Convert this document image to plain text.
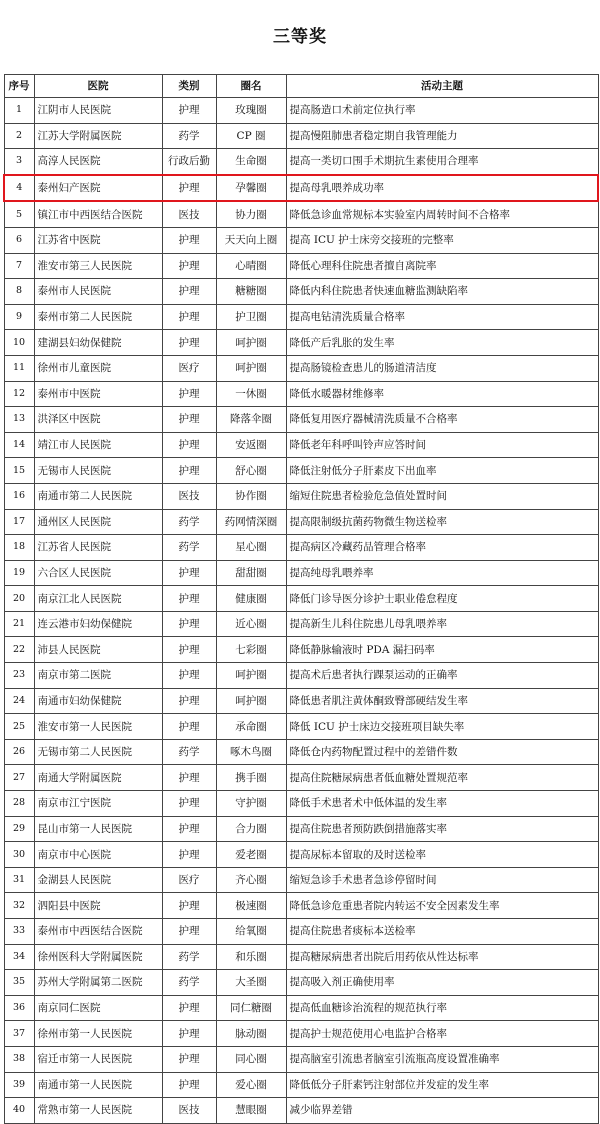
三等奖
序号	医院	类别	圈名	活动主题
1	江阴市人民医院	护理	玫瑰圈	提高肠造口术前定位执行率
2	江苏大学附属医院	药学	CP 圈	提高慢阻肺患者稳定期自我管理能力
3	高淳人民医院	行政后勤	生命圈	提高一类切口围手术期抗生素使用合理率
4	泰州妇产医院	护理	孕馨圈	提高母乳喂养成功率
5	镇江市中西医结合医院	医技	协力圈	降低急诊血常规标本实验室内周转时间不合格率
6	江苏省中医院	护理	天天向上圈	提高 ICU 护士床旁交接班的完整率
7	淮安市第三人民医院	护理	心晴圈	降低心理科住院患者擅自离院率
8	泰州市人民医院	护理	糖糖圈	降低内科住院患者快速血糖监测缺陷率
9	泰州市第二人民医院	护理	护卫圈	提高电钻清洗质量合格率
10	建湖县妇幼保健院	护理	呵护圈	降低产后乳胀的发生率
11	徐州市儿童医院	医疗	呵护圈	提高肠镜检查患儿的肠道清洁度
12	泰州市中医院	护理	一休圈	降低水暖器材维修率
13	洪泽区中医院	护理	降落伞圈	降低复用医疗器械清洗质量不合格率
14	靖江市人民医院	护理	安返圈	降低老年科呼叫铃声应答时间
15	无锡市人民医院	护理	舒心圈	降低注射低分子肝素皮下出血率
16	南通市第二人民医院	医技	协作圈	缩短住院患者检验危急值处置时间
17	通州区人民医院	药学	药网情深圈	提高限制级抗菌药物微生物送检率
18	江苏省人民医院	药学	星心圈	提高病区冷藏药品管理合格率
19	六合区人民医院	护理	甜甜圈	提高纯母乳喂养率
20	南京江北人民医院	护理	健康圈	降低门诊导医分诊护士职业倦怠程度
21	连云港市妇幼保健院	护理	近心圈	提高新生儿科住院患儿母乳喂养率
22	沛县人民医院	护理	七彩圈	降低静脉输液时 PDA 漏扫码率
23	南京市第二医院	护理	呵护圈	提高术后患者执行踝泵运动的正确率
24	南通市妇幼保健院	护理	呵护圈	降低患者肌注黄体酮致臀部硬结发生率
25	淮安市第一人民医院	护理	承命圈	降低 ICU 护士床边交接班项目缺失率
26	无锡市第二人民医院	药学	啄木鸟圈	降低仓内药物配置过程中的差错件数
27	南通大学附属医院	护理	携手圈	提高住院糖尿病患者低血糖处置规范率
28	南京市江宁医院	护理	守护圈	降低手术患者术中低体温的发生率
29	昆山市第一人民医院	护理	合力圈	提高住院患者预防跌倒措施落实率
30	南京市中心医院	护理	爱老圈	提高尿标本留取的及时送检率
31	金湖县人民医院	医疗	齐心圈	缩短急诊手术患者急诊停留时间
32	泗阳县中医院	护理	极速圈	降低急诊危重患者院内转运不安全因素发生率
33	泰州市中西医结合医院	护理	给氧圈	提高住院患者痰标本送检率
34	徐州医科大学附属医院	药学	和乐圈	提高糖尿病患者出院后用药依从性达标率
35	苏州大学附属第二医院	药学	大圣圈	提高吸入剂正确使用率
36	南京同仁医院	护理	同仁糖圈	提高低血糖诊治流程的规范执行率
37	徐州市第一人民医院	护理	脉动圈	提高护士规范使用心电监护合格率
38	宿迁市第一人民医院	护理	同心圈	提高脑室引流患者脑室引流瓶高度设置准确率
39	南通市第一人民医院	护理	爱心圈	降低低分子肝素钙注射部位并发症的发生率
40	常熟市第一人民医院	医技	慧眼圈	减少临界差错
